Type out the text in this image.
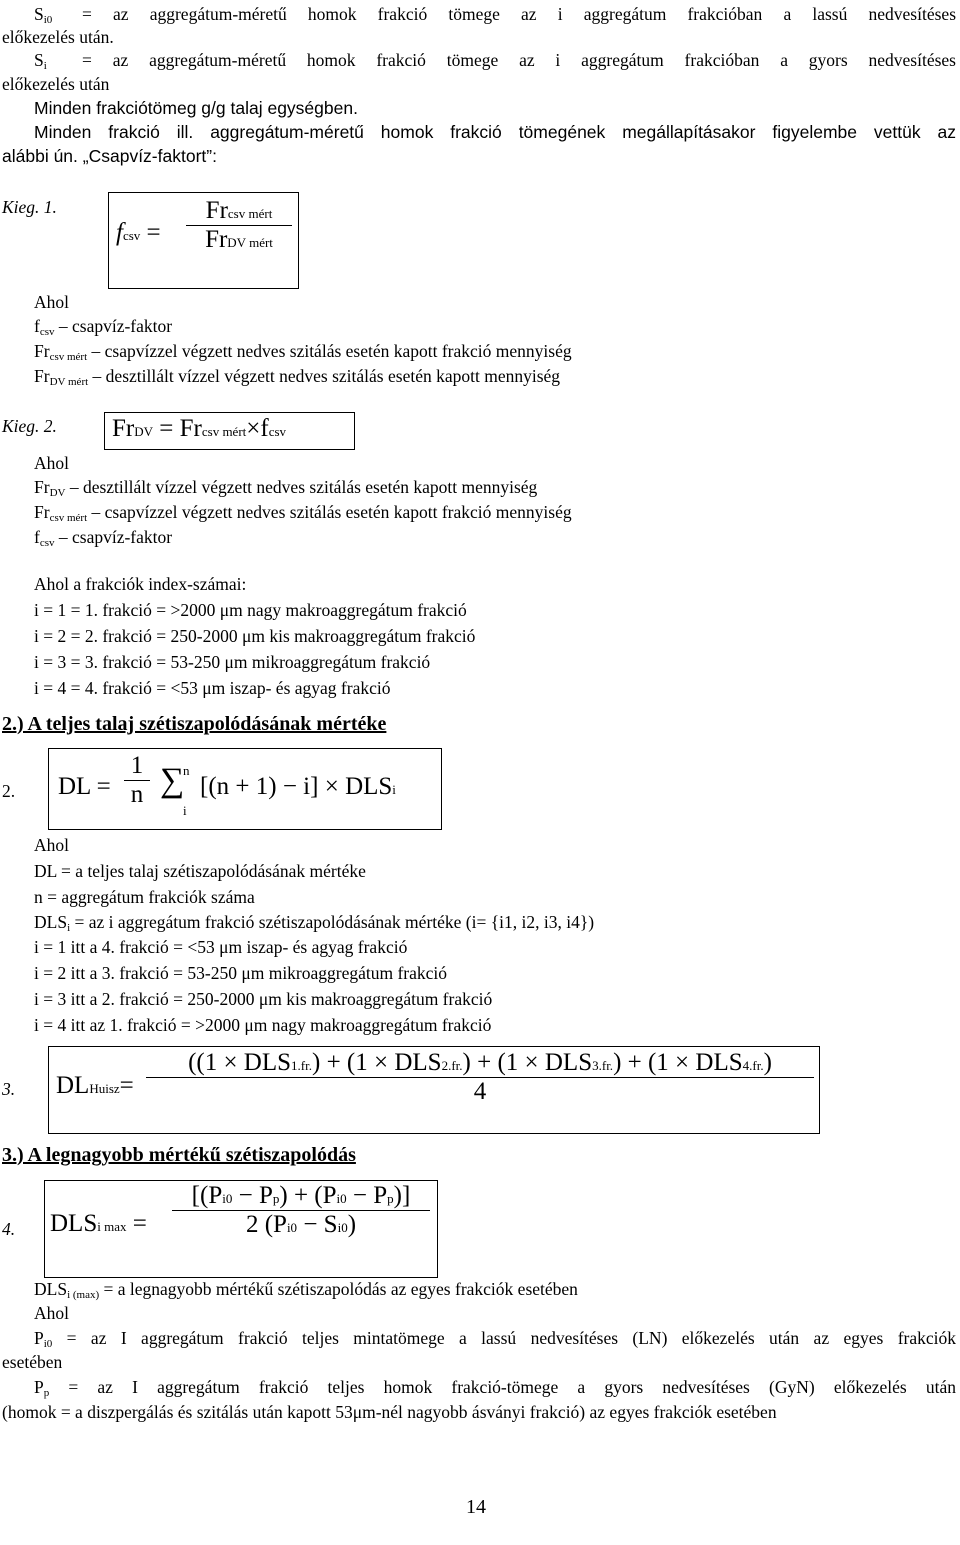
$S_{i0}$ = az aggregátum-méretű homok frakció tömege az i aggregátum frakcióban a lassú nedvesítéses
előkezelés után.
$S_i$ = az aggregátum-méretű homok frakció tömege az i aggregátum frakcióban a gyors nedvesítéses
előkezelés után
Minden frakciótömeg g/g talaj egységben.
Minden frakció ill. aggregátum-méretű homok frakció tömegének megállapításakor figyelembe vettük az
alábbi ún. „Csapvíz-faktort”:
Kieg. 1.
fcsv =
Frcsv mért
FrDV mért
Ahol
$f_{csv}$ – csapvíz-faktor
$Fr_{csv mért}$ – csapvízzel végzett nedves szitálás esetén kapott frakció mennyiség
$Fr_{DV mért}$ – desztillált vízzel végzett nedves szitálás esetén kapott mennyiség
Kieg. 2. FrDV = Frcsv mért×fcsv
Ahol
$Fr_{DV}$ – desztillált vízzel végzett nedves szitálás esetén kapott mennyiség
$Fr_{csv mért}$ – csapvízzel végzett nedves szitálás esetén kapott frakció mennyiség
$f_{csv}$ – csapvíz-faktor
Ahol a frakciók index-számai:
i = 1 = 1. frakció = >2000 μm nagy makroaggregátum frakció
i = 2 = 2. frakció = 250-2000 μm kis makroaggregátum frakció
i = 3 = 3. frakció = 53-250 μm mikroaggregátum frakció
i = 4 = 4. frakció = <53 μm iszap- és agyag frakció
2.) A teljes talaj szétiszapolódásának mértéke
2. DL =
1
n ∑
n
i
[(n + 1) − i] × DLSi
Ahol
DL = a teljes talaj szétiszapolódásának mértéke
n = aggregátum frakciók száma
$DLS_i$ = az i aggregátum frakció szétiszapolódásának mértéke (i= {i1, i2, i3, i4})
i = 1 itt a 4. frakció = <53 μm iszap- és agyag frakció
i = 2 itt a 3. frakció = 53-250 μm mikroaggregátum frakció
i = 3 itt a 2. frakció = 250-2000 μm kis makroaggregátum frakció
i = 4 itt az 1. frakció = >2000 μm nagy makroaggregátum frakció
3. DLHuisz=
((1 × DLS1.fr.) + (1 × DLS2.fr.) + (1 × DLS3.fr.) + (1 × DLS4.fr.)
4
3.) A legnagyobb mértékű szétiszapolódás
4. DLSi max =
[(Pi0 − Pp) + (Pi0 − Pp)]
2 (Pi0 − Si0)
$DLS_{i (max)} = a$ legnagyobb mértékű szétiszapolódás az egyes frakciók esetében
Ahol
$P_{i0}$ = az I aggregátum frakció teljes mintatömege a lassú nedvesítéses (LN) előkezelés után az egyes frakciók
esetében
$P_p$ = az I aggregátum frakció teljes homok frakció-tömege a gyors nedvesítéses (GyN) előkezelés után
(homok = a diszpergálás és szitálás után kapott 53μm-nél nagyobb ásványi frakció) az egyes frakciók esetében
14
